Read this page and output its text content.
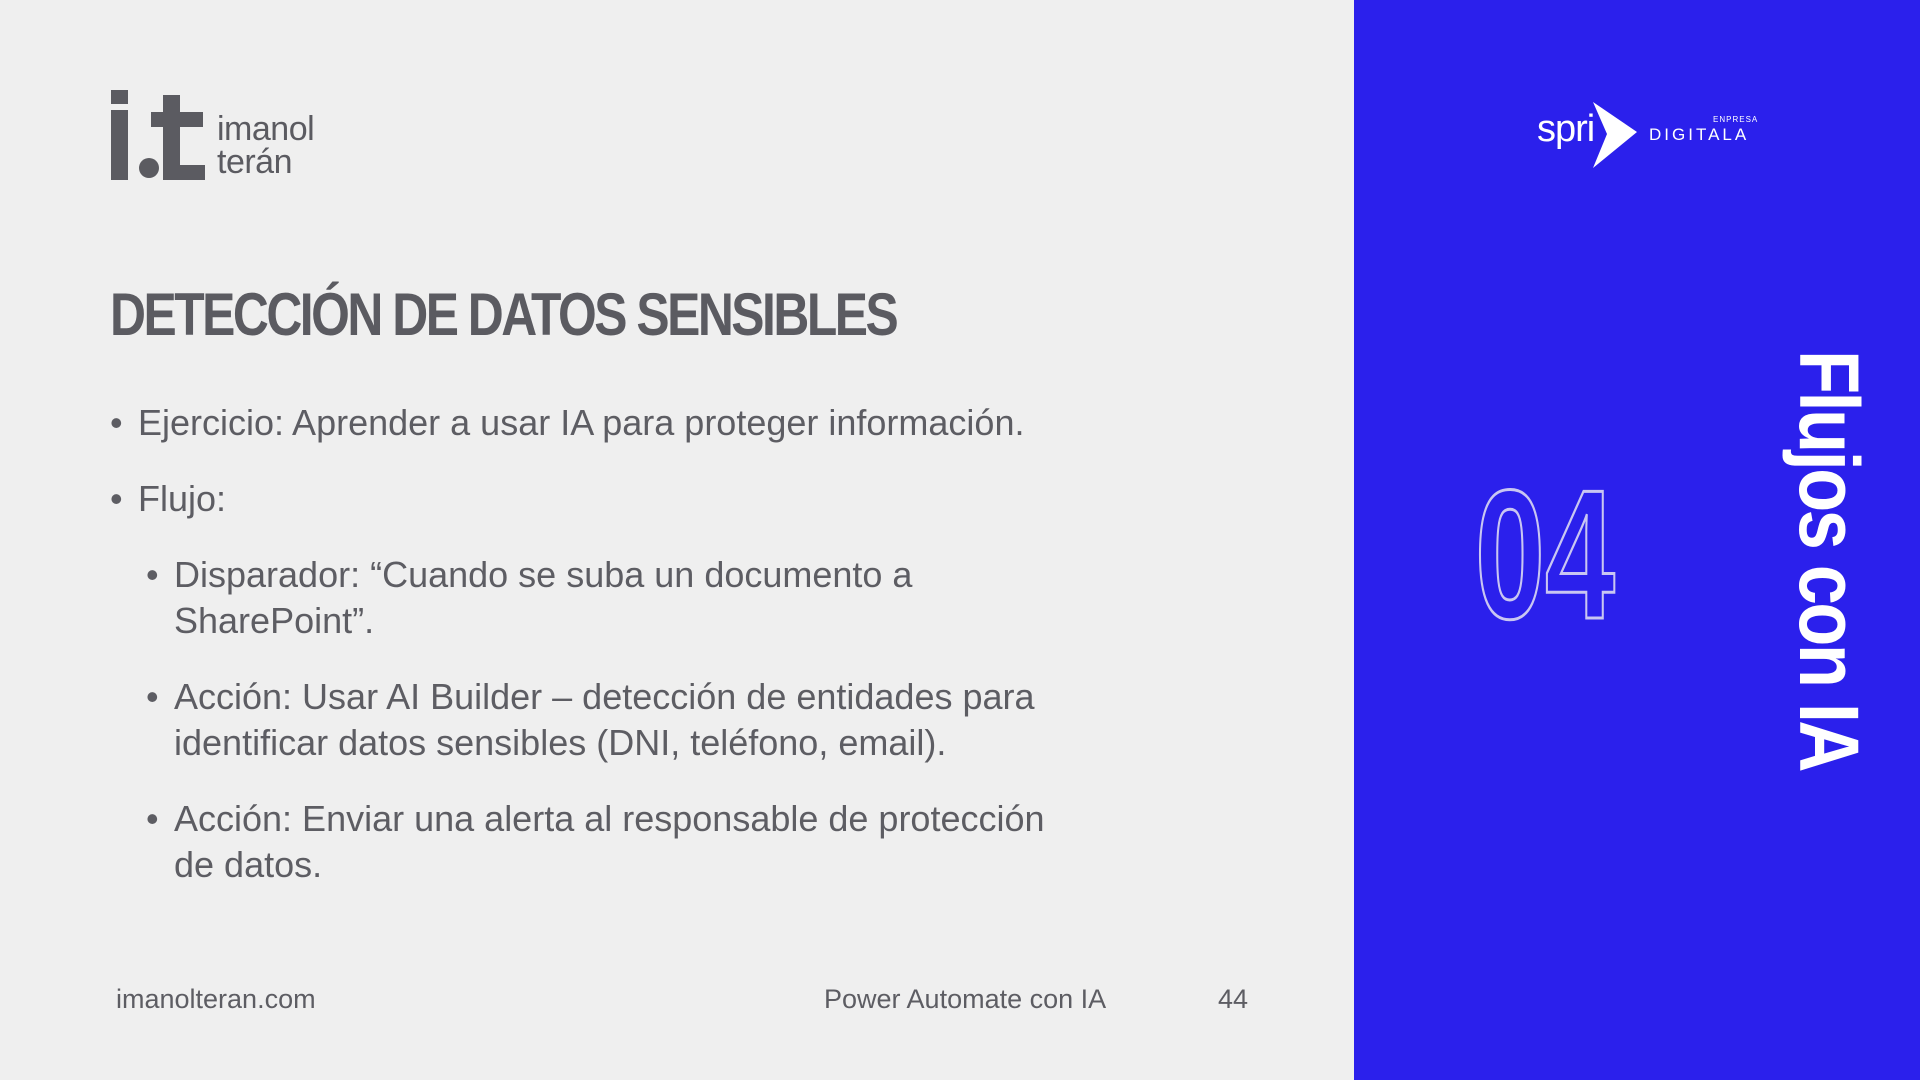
imanol
terán
DETECCIÓN DE DATOS SENSIBLES
• Ejercicio: Aprender a usar IA para proteger información.
• Flujo:
• Disparador: “Cuando se suba un documento a SharePoint”.
• Acción: Usar AI Builder – detección de entidades para identificar datos sensibles (DNI, teléfono, email).
• Acción: Enviar una alerta al responsable de protección de datos.
imanolteran.com	Power Automate con IA	44
spri	ENPRESA
DIGITALA
04 Flujos con IA
